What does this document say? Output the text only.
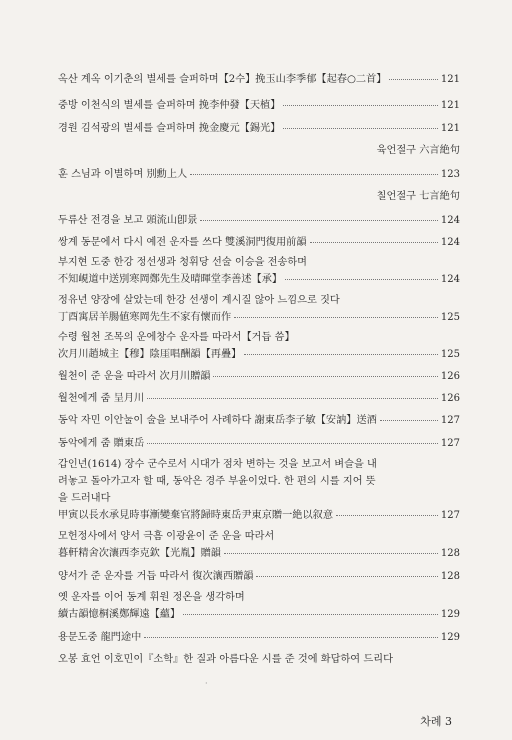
옥산 계옥 이기춘의 별세를 슬퍼하며【2수】挽玉山李季郁【起春○二首】	121
중방 이천식의 별세를 슬퍼하며 挽李仲發【天植】	121
경원 김석광의 별세를 슬퍼하며 挽金慶元【錫光】	121
육언절구 六言絶句
훈 스님과 이별하며 別勳上人	123
칠언절구 七言絶句
두류산 전경을 보고 頭流山卽景	124
쌍계 동문에서 다시 예전 운자를 쓰다 雙溪洞門復用前韻	124
부지현 도중 한강 정선생과 청휘당 선술 이승을 전송하며
不知峴道中送別寒岡鄭先生及晴暉堂李善述【承】	124
정유년 양장에 살았는데 한강 선생이 계시질 않아 느낌으로 짓다
丁酉寓居羊腸値寒岡先生不家有懷而作	125
수령 월천 조목의 운에창수 운자를 따라서【거듭 씀】
次月川趙城主【穆】陰厓唱酬韻【再疊】	125
월천이 준 운을 따라서 次月川贈韻	126
월천에게 줌 呈月川	126
동악 자민 이안눌이 술을 보내주어 사례하다 謝東岳李子敏【安訥】送酒	127
동악에게 줌 贈東岳	127
갑인년(1614) 장수 군수로서 시대가 점차 변하는 것을 보고서 벼슬을 내
려놓고 돌아가고자 할 때, 동악은 경주 부윤이었다. 한 편의 시를 지어 뜻
을 드러내다
甲寅以長水承見時事漸變棄官將歸時東岳尹東京贈一絶以叙意	127
모헌정사에서 양서 극흠 이광윤이 준 운을 따라서
暮軒精舍次瀼西李克欽【光胤】贈韻	128
양서가 준 운자를 거듭 따라서 復次瀼西贈韻	128
옛 운자를 이어 동계 휘원 정온을 생각하며
續古韻憶桐溪鄭輝遠【蘊】	129
용문도중 龍門途中	129
오봉 효언 이호민이『소학』한 질과 아름다운 시를 준 것에 화답하여 드리다
·
차례 3
